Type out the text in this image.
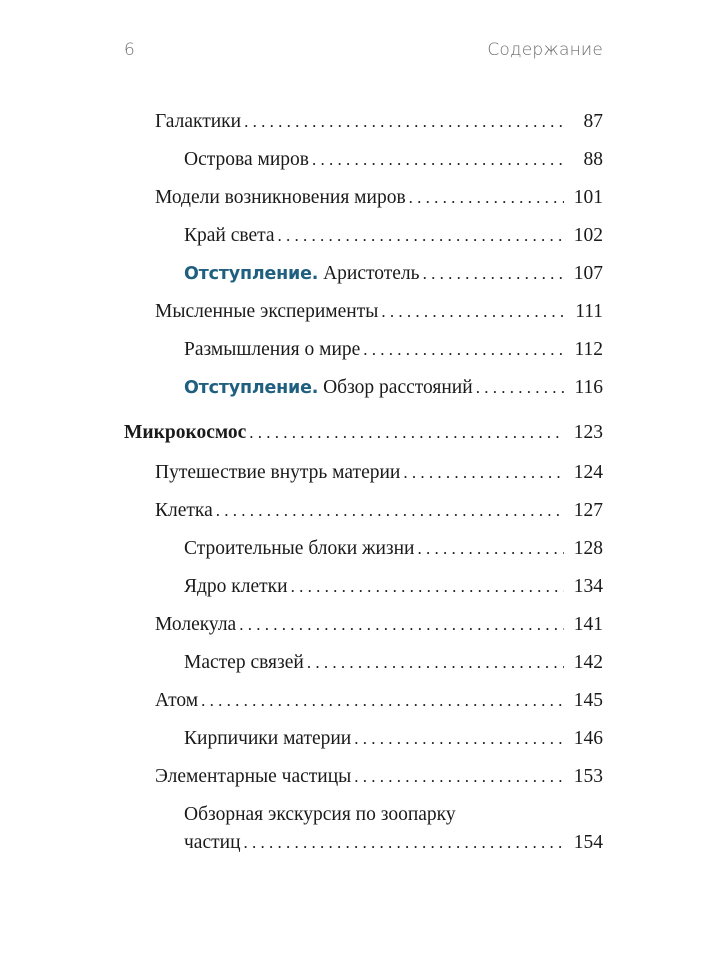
6	Содержание
Галактики . . .	87
Острова миров . . .	88
Модели возникновения миров . . .	101
Край света . . .	102
Отступление. Аристотель . . .	107
Мысленные эксперименты . . .	111
Размышления о мире . . .	112
Отступление. Обзор расстояний . . .	116
Микрокосмос . . .	123
Путешествие внутрь материи . . .	124
Клетка . . .	127
Строительные блоки жизни . . .	128
Ядро клетки . . .	134
Молекула . . .	141
Мастер связей . . .	142
Атом . . .	145
Кирпичики материи . . .	146
Элементарные частицы . . .	153
Обзорная экскурсия по зоопарку
частиц . . .	154
